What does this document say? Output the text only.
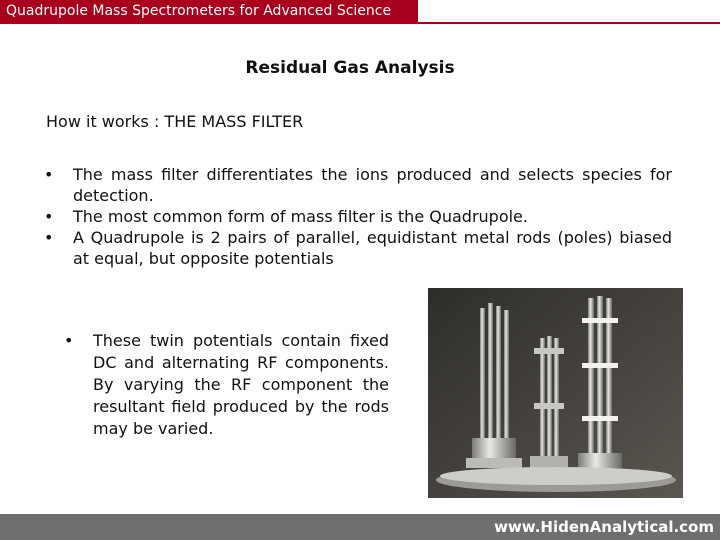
Quadrupole Mass Spectrometers for Advanced Science
Residual Gas Analysis
How it works : THE MASS FILTER
• The mass filter differentiates the ions produced and selects species for detection.
• The most common form of mass filter is the Quadrupole.
• A Quadrupole is 2 pairs of parallel, equidistant metal rods (poles) biased at equal, but opposite potentials
• These twin potentials contain fixed DC and alternating RF components. By varying the RF component the resultant field produced by the rods may be varied.
www.HidenAnalytical.com
